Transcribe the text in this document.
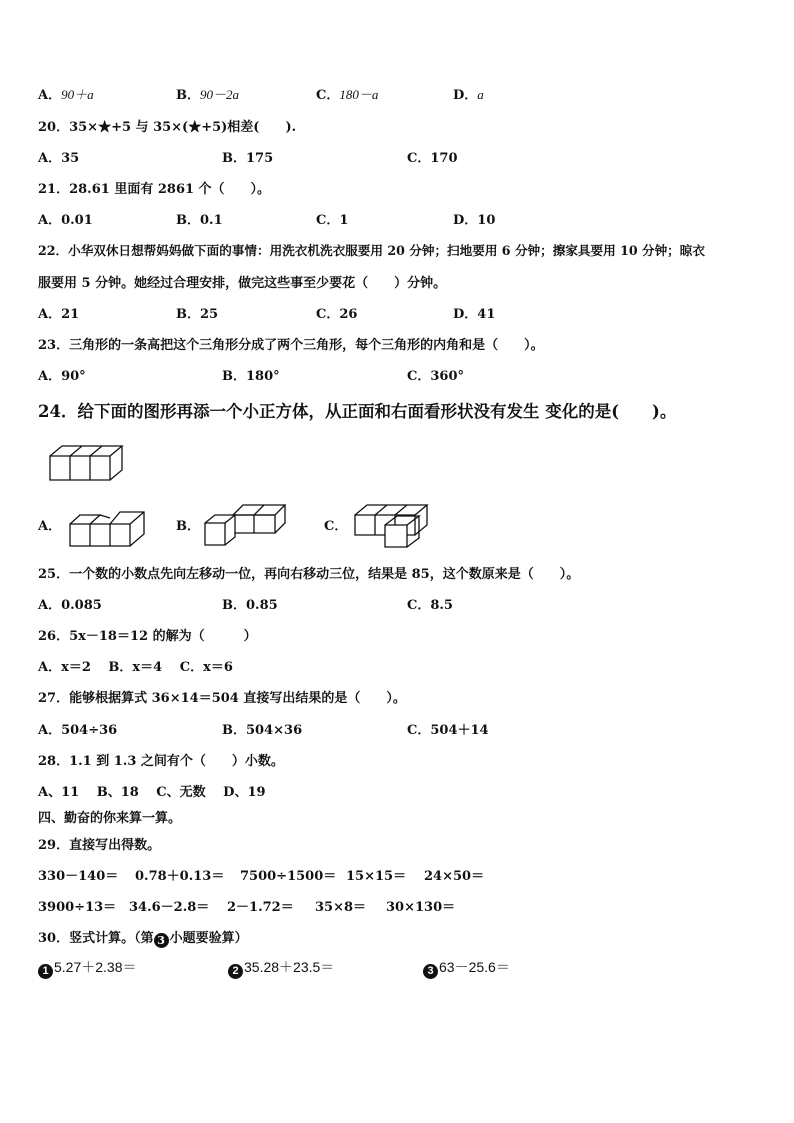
A．90＋a	B．90－2a	C．180－a	D．a
20．35×★+5 与 35×(★+5)相差(　　).
A．35	B．175	C．170
21．28.61 里面有 2861 个（　　）。
A．0.01	B．0.1	C．1	D．10
22．小华双休日想帮妈妈做下面的事情：用洗衣机洗衣服要用 20 分钟；扫地要用 6 分钟；擦家具要用 10 分钟；晾衣
服要用 5 分钟。她经过合理安排，做完这些事至少要花（　　）分钟。
A．21	B．25	C．26	D．41
23．三角形的一条高把这个三角形分成了两个三角形，每个三角形的内角和是（　　）。
A．90°	B．180°	C．360°
24．给下面的图形再添一个小正方体，从正面和右面看形状没有发生 变化的是(　　)。
A．	B．	C．
25．一个数的小数点先向左移动一位，再向右移动三位，结果是 85，这个数原来是（　　）。
A．0.085	B．0.85	C．8.5
26．5x－18＝12 的解为（　　　）
A．x＝2　 B．x＝4　 C．x＝6
27．能够根据算式 36×14＝504 直接写出结果的是（　　）。
A．504÷36	B．504×36	C．504＋14
28．1.1 到 1.3 之间有个（　　）小数。
A、11　 B、18　 C、无数　 D、19
四、勤奋的你来算一算。
29．直接写出得数。
330－140＝ 0.78＋0.13＝ 7500÷1500＝ 15×15＝ 24×50＝
3900÷13＝ 34.6－2.8＝ 2－1.72＝ 35×8＝ 30×130＝
30．竖式计算。（第 3 小题要验算）
1 5.27＋2.38＝	2 35.28＋23.5＝	3 63－25.6＝
